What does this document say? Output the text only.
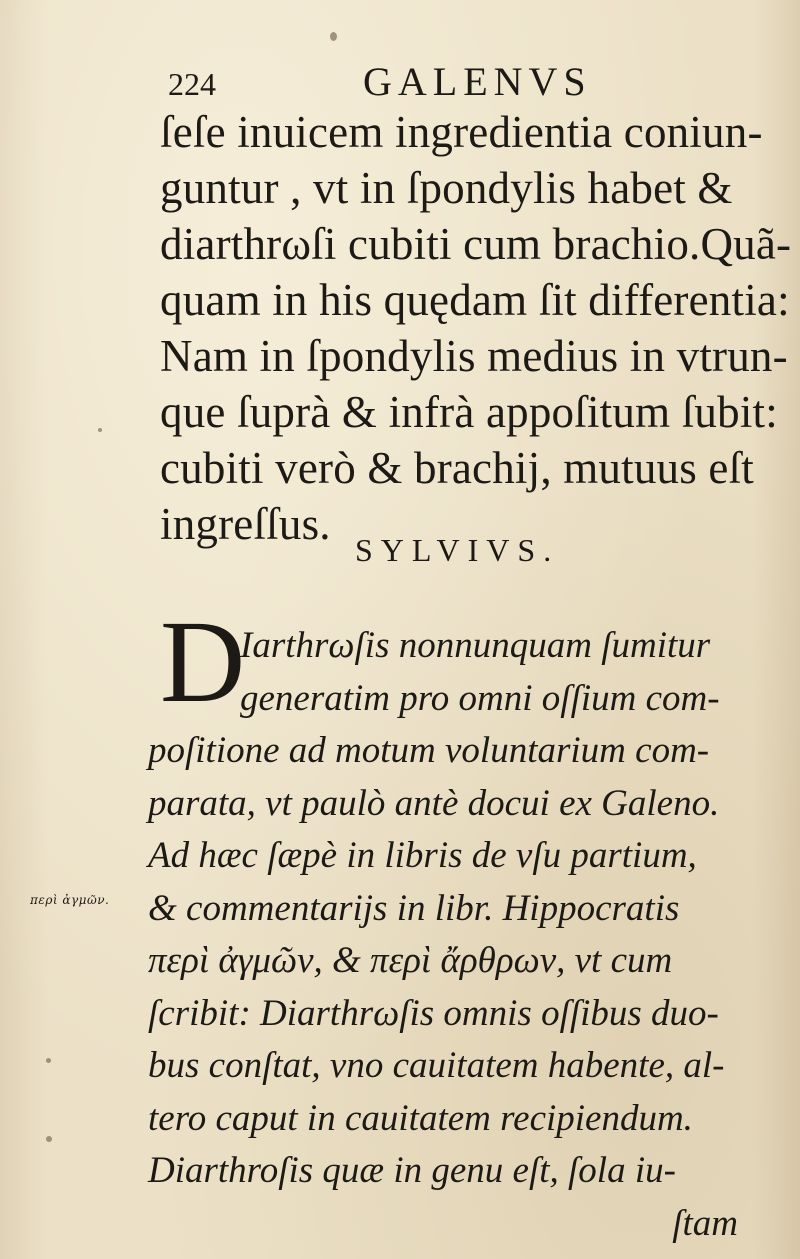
224	GALENVS
ſeſe inuicem ingredientia coniun-
guntur , vt in ſpondylis habet &
diarthrωſi cubiti cum brachio.Quã-
quam in his quędam ſit differentia:
Nam in ſpondylis medius in vtrun-
que ſuprà & infrà appoſitum ſubit:
cubiti verò & brachij, mutuus eſt
ingreſſus.
SYLVIVS.
D
Iarthrωſis nonnunquam ſumitur
generatim pro omni oſſium com-
poſitione ad motum voluntarium com-
parata, vt paulò antè docui ex Galeno.
Ad hæc ſæpè in libris de vſu partium,
& commentarijs in libr. Hippocratis
περὶ ἀγμῶν, & περὶ ἄρθρων, vt cum
ſcribit: Diarthrωſis omnis oſſibus duo-
bus conſtat, vno cauitatem habente, al-
tero caput in cauitatem recipiendum.
Diarthroſis quæ in genu eſt, ſola iu-
ſtam
περὶ ἀγμῶν.
